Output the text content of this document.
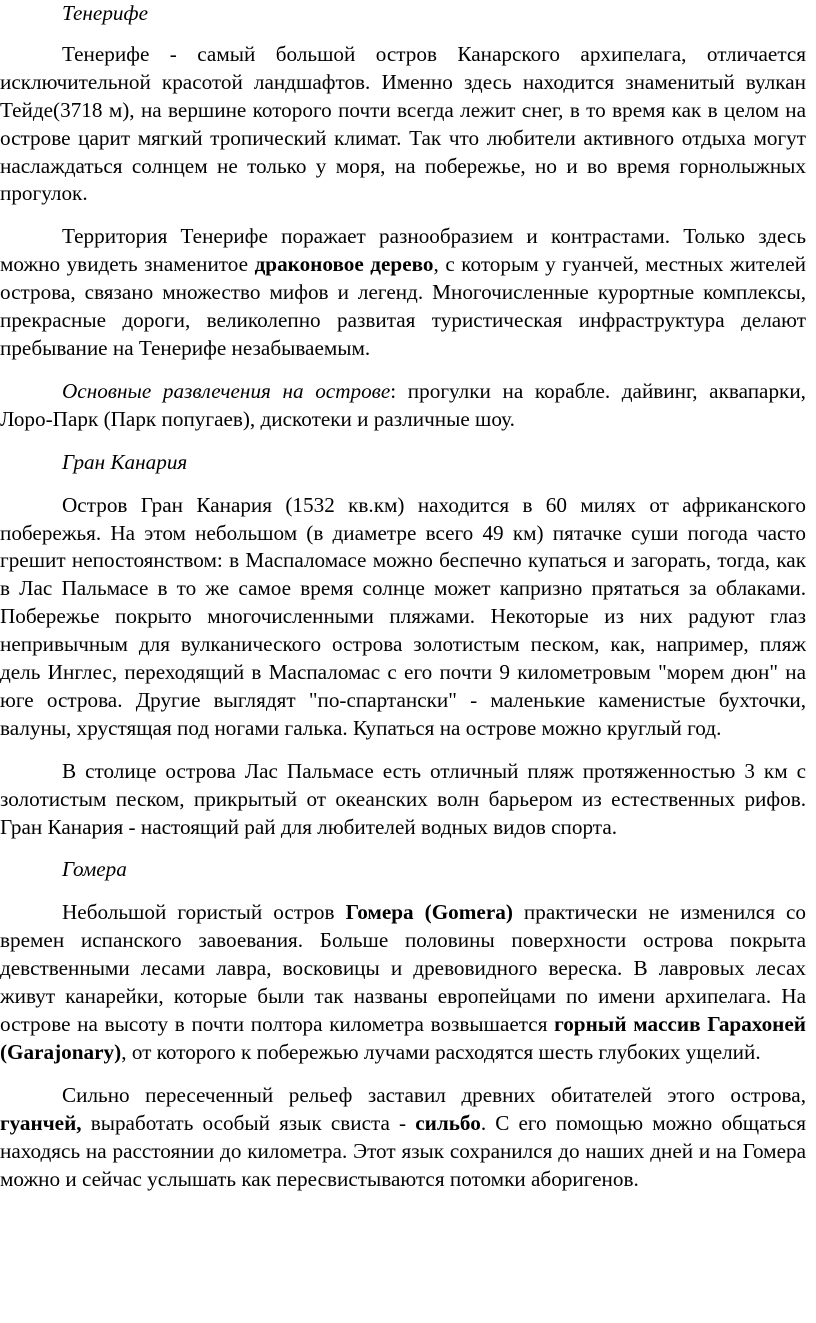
Тенерифе

Тенерифе - самый большой остров Канарского архипелага, отличается исключительной красотой ландшафтов. Именно здесь находится знаменитый вулкан Тейде(3718 м), на вершине которого почти всегда лежит снег, в то время как в целом на острове царит мягкий тропический климат. Так что любители активного отдыха могут наслаждаться солнцем не только у моря, на побережье, но и во время горнолыжных прогулок.

Территория Тенерифе поражает разнообразием и контрастами. Только здесь можно увидеть знаменитое драконовое дерево, с которым у гуанчей, местных жителей острова, связано множество мифов и легенд. Многочисленные курортные комплексы, прекрасные дороги, великолепно развитая туристическая инфраструктура делают пребывание на Тенерифе незабываемым.

Основные развлечения на острове: прогулки на корабле. дайвинг, аквапарки, Лоро-Парк (Парк попугаев), дискотеки и различные шоу.

Гран Канария

Остров Гран Канария (1532 кв.км) находится в 60 милях от африканского побережья. На этом небольшом (в диаметре всего 49 км) пятачке суши погода часто грешит непостоянством: в Маспаломасе можно беспечно купаться и загорать, тогда, как в Лас Пальмасе в то же самое время солнце может капризно прятаться за облаками. Побережье покрыто многочисленными пляжами. Некоторые из них радуют глаз непривычным для вулканического острова золотистым песком, как, например, пляж дель Инглес, переходящий в Маспаломас с его почти 9 километровым "морем дюн" на юге острова. Другие выглядят "по-спартански" - маленькие каменистые бухточки, валуны, хрустящая под ногами галька. Купаться на острове можно круглый год.

В столице острова Лас Пальмасе есть отличный пляж протяженностью 3 км с золотистым песком, прикрытый от океанских волн барьером из естественных рифов. Гран Канария - настоящий рай для любителей водных видов спорта.

Гомера

Небольшой гористый остров Гомера (Gomera) практически не изменился со времен испанского завоевания. Больше половины поверхности острова покрыта девственными лесами лавра, восковицы и древовидного вереска. В лавровых лесах живут канарейки, которые были так названы европейцами по имени архипелага. На острове на высоту в почти полтора километра возвышается горный массив Гарахоней (Garajonary), от которого к побережью лучами расходятся шесть глубоких ущелий.

Сильно пересеченный рельеф заставил древних обитателей этого острова, гуанчей, выработать особый язык свиста - сильбо. С его помощью можно общаться находясь на расстоянии до километра. Этот язык сохранился до наших дней и на Гомера можно и сейчас услышать как пересвистываются потомки аборигенов.
